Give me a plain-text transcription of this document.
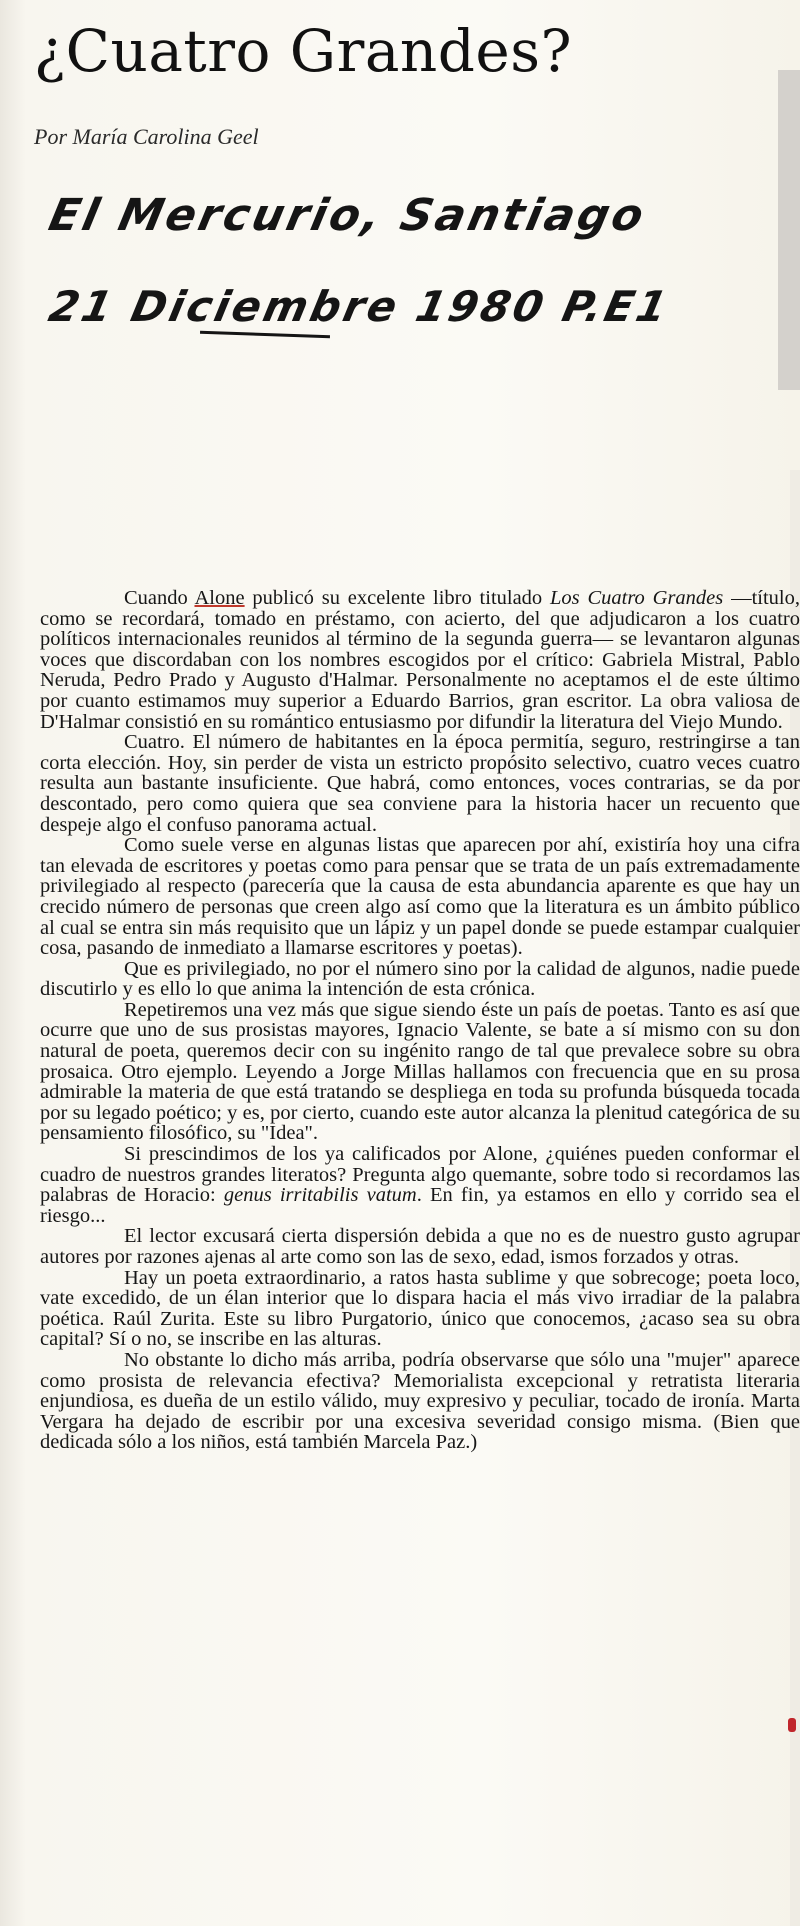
¿Cuatro Grandes?
Por María Carolina Geel
El Mercurio, Santiago
21 Diciembre 1980 P.E1

Cuando Alone publicó su excelente libro titulado Los Cuatro Grandes —título, como se recordará, tomado en préstamo, con acierto, del que adjudicaron a los cuatro políticos internacionales reunidos al término de la segunda guerra— se levantaron algunas voces que discordaban con los nombres escogidos por el crítico: Gabriela Mistral, Pablo Neruda, Pedro Prado y Augusto d'Halmar. Personalmente no aceptamos el de este último por cuanto estimamos muy superior a Eduardo Barrios, gran escritor. La obra valiosa de D'Halmar consistió en su romántico entusiasmo por difundir la literatura del Viejo Mundo.

Cuatro. El número de habitantes en la época permitía, seguro, restringirse a tan corta elección. Hoy, sin perder de vista un estricto propósito selectivo, cuatro veces cuatro resulta aun bastante insuficiente. Que habrá, como entonces, voces contrarias, se da por descontado, pero como quiera que sea conviene para la historia hacer un recuento que despeje algo el confuso panorama actual.

Como suele verse en algunas listas que aparecen por ahí, existiría hoy una cifra tan elevada de escritores y poetas como para pensar que se trata de un país extremadamente privilegiado al respecto (parecería que la causa de esta abundancia aparente es que hay un crecido número de personas que creen algo así como que la literatura es un ámbito público al cual se entra sin más requisito que un lápiz y un papel donde se puede estampar cualquier cosa, pasando de inmediato a llamarse escritores y poetas).

Que es privilegiado, no por el número sino por la calidad de algunos, nadie puede discutirlo y es ello lo que anima la intención de esta crónica.

Repetiremos una vez más que sigue siendo éste un país de poetas. Tanto es así que ocurre que uno de sus prosistas mayores, Ignacio Valente, se bate a sí mismo con su don natural de poeta, queremos decir con su ingénito rango de tal que prevalece sobre su obra prosaica. Otro ejemplo. Leyendo a Jorge Millas hallamos con frecuencia que en su prosa admirable la materia de que está tratando se despliega en toda su profunda búsqueda tocada por su legado poético; y es, por cierto, cuando este autor alcanza la plenitud categórica de su pensamiento filosófico, su "Idea".

Si prescindimos de los ya calificados por Alone, ¿quiénes pueden conformar el cuadro de nuestros grandes literatos? Pregunta algo quemante, sobre todo si recordamos las palabras de Horacio: genus irritabilis vatum. En fin, ya estamos en ello y corrido sea el riesgo...

El lector excusará cierta dispersión debida a que no es de nuestro gusto agrupar autores por razones ajenas al arte como son las de sexo, edad, ismos forzados y otras.

Hay un poeta extraordinario, a ratos hasta sublime y que sobrecoge; poeta loco, vate excedido, de un élan interior que lo dispara hacia el más vivo irradiar de la palabra poética. Raúl Zurita. Este su libro Purgatorio, único que conocemos, ¿acaso sea su obra capital? Sí o no, se inscribe en las alturas.

No obstante lo dicho más arriba, podría observarse que sólo una "mujer" aparece como prosista de relevancia efectiva? Memorialista excepcional y retratista literaria enjundiosa, es dueña de un estilo válido, muy expresivo y peculiar, tocado de ironía. Marta Vergara ha dejado de escribir por una excesiva severidad consigo misma. (Bien que dedicada sólo a los niños, está también Marcela Paz.)
